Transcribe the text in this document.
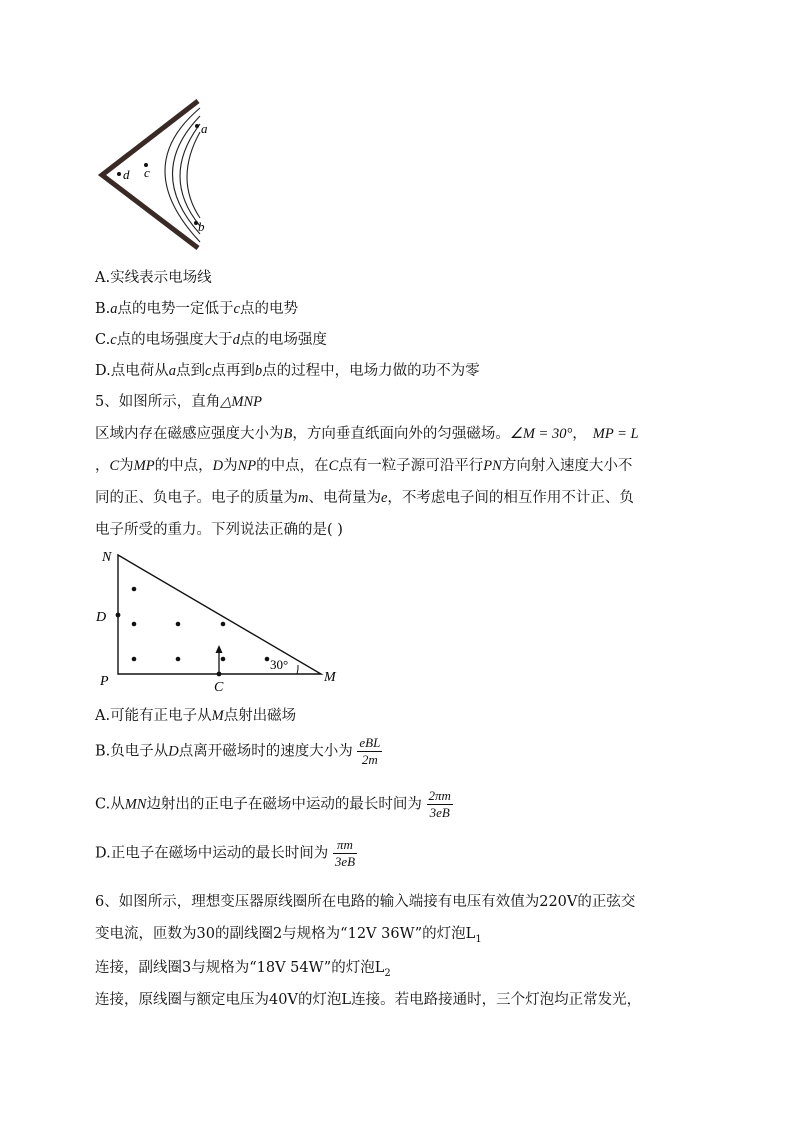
a
c
d
b
A.实线表示电场线
B.a点的电势一定低于c点的电势
C.c点的电场强度大于d点的电场强度
D.点电荷从a点到c点再到b点的过程中，电场力做的功不为零
5、如图所示，直角△MNP
区域内存在磁感应强度大小为B，方向垂直纸面向外的匀强磁场。∠M = 30°， MP = L
，C为MP的中点，D为NP的中点，在C点有一粒子源可沿平行PN方向射入速度大小不
同的正、负电子。电子的质量为m、电荷量为e，不考虑电子间的相互作用不计正、负
电子所受的重力。下列说法正确的是( )
N
D
P	C
M
30°
A.可能有正电子从M点射出磁场
B.负电子从D点离开磁场时的速度大小为 $\frac{\text{eBL}}{2m}$
C.从MN边射出的正电子在磁场中运动的最长时间为 $\frac{2\pi m}{3eB}$
D.正电子在磁场中运动的最长时间为 $\frac{\pi m}{3eB}$
6、如图所示，理想变压器原线圈所在电路的输入端接有电压有效值为220V的正弦交
变电流，匝数为30的副线圈2与规格为“12V 36W”的灯泡$L_1$
连接，副线圈3与规格为“18V 54W”的灯泡$L_2$
连接，原线圈与额定电压为40V的灯泡L连接。若电路接通时，三个灯泡均正常发光，
